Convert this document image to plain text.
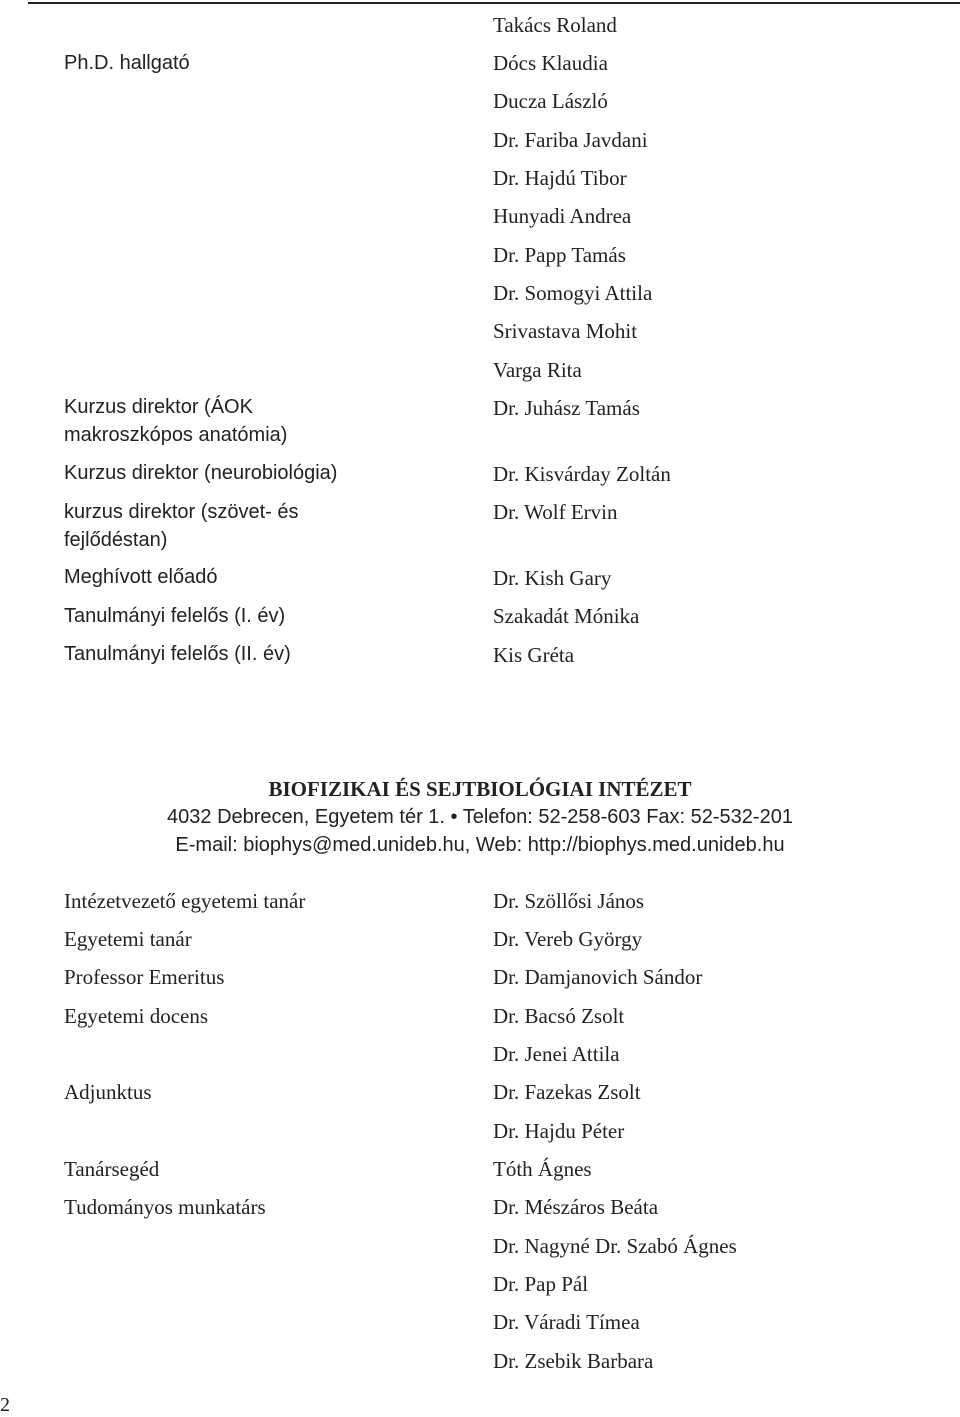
Ph.D. hallgató
Kurzus direktor (ÁOK
makroszkópos anatómia)
Kurzus direktor (neurobiológia)
kurzus direktor (szövet- és
fejlődéstan)
Meghívott előadó
Tanulmányi felelős (I. év)
Tanulmányi felelős (II. év)
Takács Roland
Dócs Klaudia
Ducza László
Dr. Fariba Javdani
Dr. Hajdú Tibor
Hunyadi Andrea
Dr. Papp Tamás
Dr. Somogyi Attila
Srivastava Mohit
Varga Rita
Dr. Juhász Tamás
Dr. Kisvárday Zoltán
Dr. Wolf Ervin
Dr. Kish Gary
Szakadát Mónika
Kis Gréta
BIOFIZIKAI ÉS SEJTBIOLÓGIAI INTÉZET
4032 Debrecen, Egyetem tér 1. • Telefon: 52-258-603 Fax: 52-532-201
E-mail: biophys@med.unideb.hu, Web: http://biophys.med.unideb.hu
Intézetvezető egyetemi tanár
Egyetemi tanár
Professor Emeritus
Egyetemi docens
Adjunktus
Tanársegéd
Tudományos munkatárs
Dr. Szöllősi János
Dr. Vereb György
Dr. Damjanovich Sándor
Dr. Bacsó Zsolt
Dr. Jenei Attila
Dr. Fazekas Zsolt
Dr. Hajdu Péter
Tóth Ágnes
Dr. Mészáros Beáta
Dr. Nagyné Dr. Szabó Ágnes
Dr. Pap Pál
Dr. Váradi Tímea
Dr. Zsebik Barbara
2
